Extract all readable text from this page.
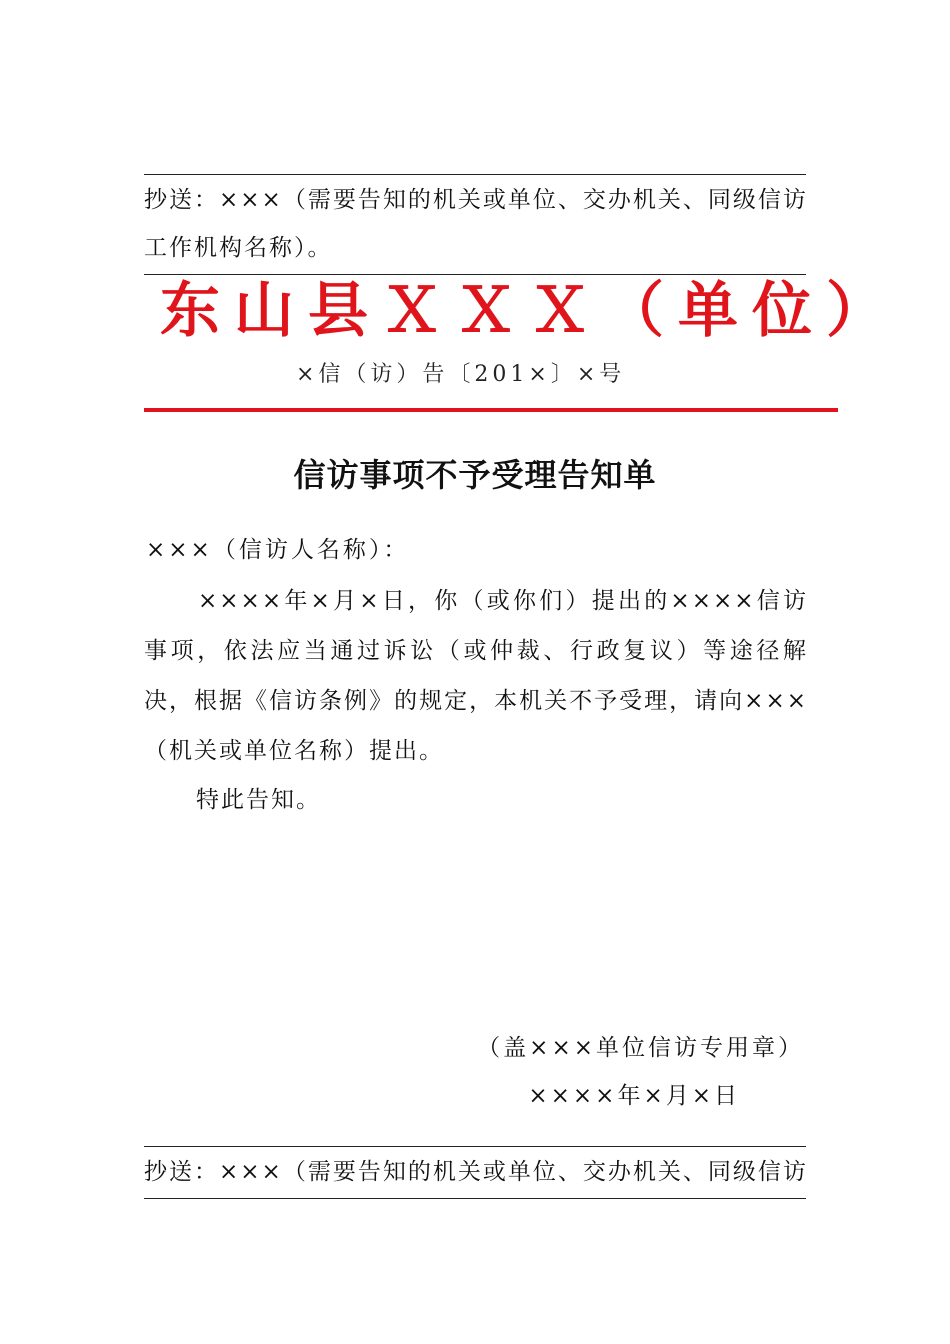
抄送：×××（需要告知的机关或单位、交办机关、同级信访
工作机构名称）。
东山县ＸＸＸ（单位）
×信（访）告〔201×〕×号
信访事项不予受理告知单
×××（信访人名称）：
××××年×月×日，你（或你们）提出的××××信访事项，依法应当通过诉讼（或仲裁、行政复议）等途径解决，根据《信访条例》的规定，本机关不予受理，请向×××（机关或单位名称）提出。
特此告知。
（盖×××单位信访专用章）
××××年×月×日
抄送：×××（需要告知的机关或单位、交办机关、同级信访
